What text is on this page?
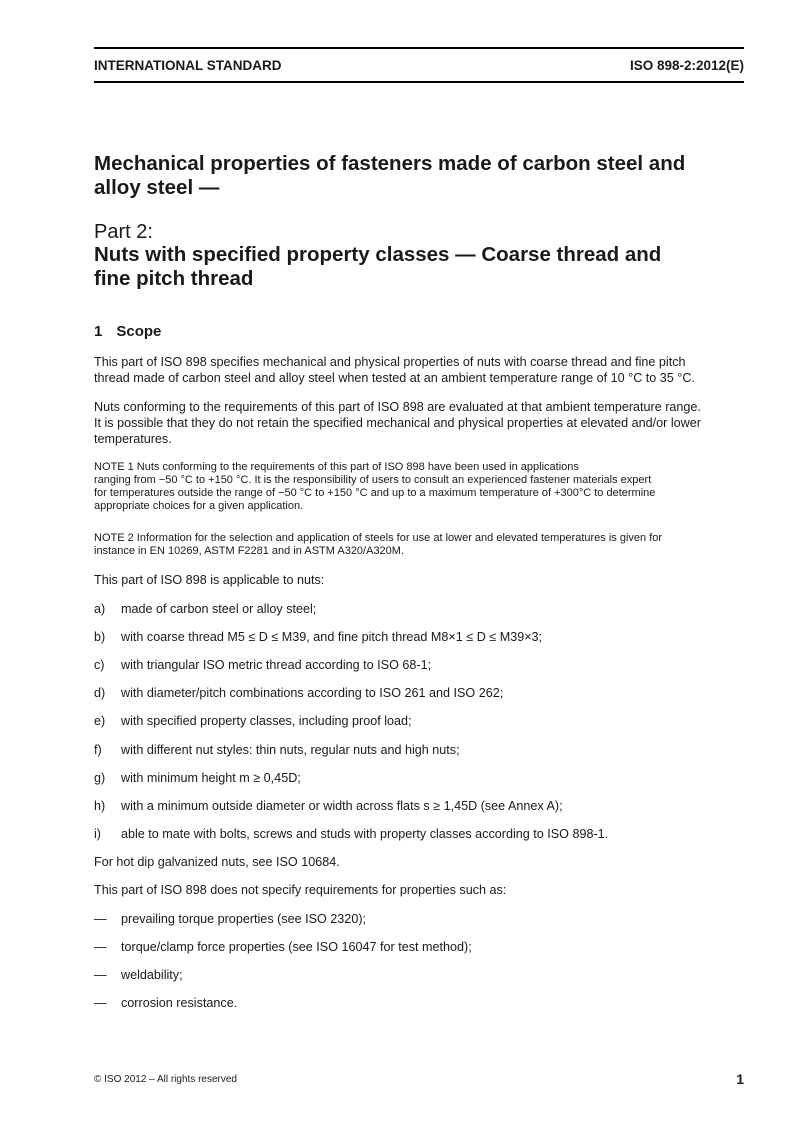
INTERNATIONAL STANDARD	ISO 898-2:2012(E)
Mechanical properties of fasteners made of carbon steel and
alloy steel —
Part 2:
Nuts with specified property classes — Coarse thread and
fine pitch thread
1 Scope
This part of ISO 898 specifies mechanical and physical properties of nuts with coarse thread and fine pitch
thread made of carbon steel and alloy steel when tested at an ambient temperature range of 10 °C to 35 °C.
Nuts conforming to the requirements of this part of ISO 898 are evaluated at that ambient temperature range.
It is possible that they do not retain the specified mechanical and physical properties at elevated and/or lower
temperatures.
NOTE 1 Nuts conforming to the requirements of this part of ISO 898 have been used in applications
ranging from −50 °C to +150 °C. It is the responsibility of users to consult an experienced fastener materials expert
for temperatures outside the range of −50 °C to +150 °C and up to a maximum temperature of +300°C to determine
appropriate choices for a given application.
NOTE 2 Information for the selection and application of steels for use at lower and elevated temperatures is given for
instance in EN 10269, ASTM F2281 and in ASTM A320/A320M.
This part of ISO 898 is applicable to nuts:
a) made of carbon steel or alloy steel;
b) with coarse thread M5 ≤ D ≤ M39, and fine pitch thread M8×1 ≤ D ≤ M39×3;
c) with triangular ISO metric thread according to ISO 68-1;
d) with diameter/pitch combinations according to ISO 261 and ISO 262;
e) with specified property classes, including proof load;
f) with different nut styles: thin nuts, regular nuts and high nuts;
g) with minimum height m ≥ 0,45D;
h) with a minimum outside diameter or width across flats s ≥ 1,45D (see Annex A);
i) able to mate with bolts, screws and studs with property classes according to ISO 898-1.
For hot dip galvanized nuts, see ISO 10684.
This part of ISO 898 does not specify requirements for properties such as:
— prevailing torque properties (see ISO 2320);
— torque/clamp force properties (see ISO 16047 for test method);
— weldability;
— corrosion resistance.
© ISO 2012 – All rights reserved	1
